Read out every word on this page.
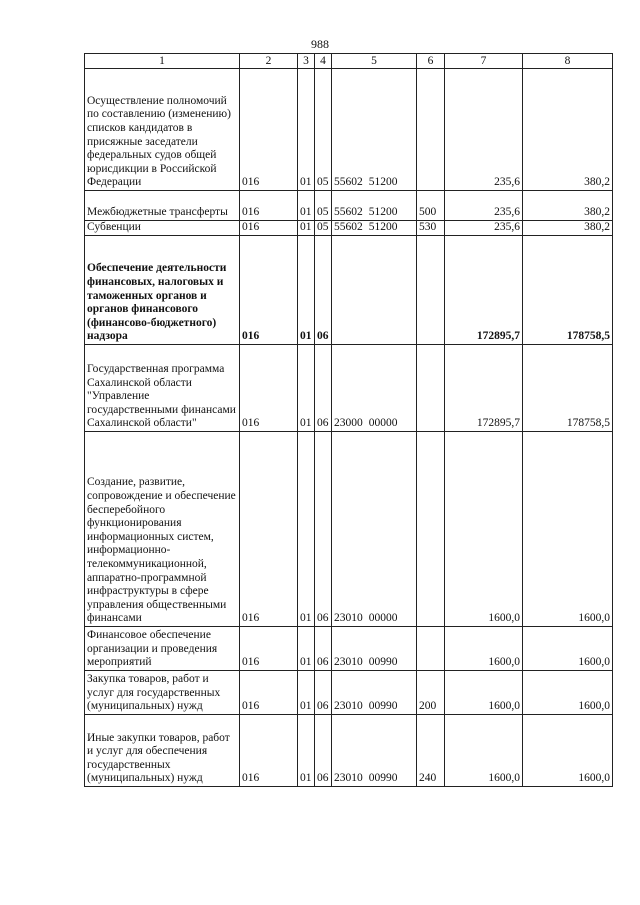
988
1	2	3	4	5	6	7	8
Осуществление полномочий по составлению (изменению) списков кандидатов в присяжные заседатели федеральных судов общей юрисдикции в Российской Федерации	016	01	05	55602 51200		235,6	380,2
Межбюджетные трансферты	016	01	05	55602 51200	500	235,6	380,2
Субвенции	016	01	05	55602 51200	530	235,6	380,2
Обеспечение деятельности финансовых, налоговых и таможенных органов и органов финансового (финансово-бюджетного) надзора	016	01	06			172895,7	178758,5
Государственная программа Сахалинской области "Управление государственными финансами Сахалинской области"	016	01	06	23000 00000		172895,7	178758,5
Создание, развитие, сопровождение и обеспечение бесперебойного функционирования информационных систем, информационно-телекоммуникационной, аппаратно-программной инфраструктуры в сфере управления общественными финансами	016	01	06	23010 00000		1600,0	1600,0
Финансовое обеспечение организации и проведения мероприятий	016	01	06	23010 00990		1600,0	1600,0
Закупка товаров, работ и услуг для государственных (муниципальных) нужд	016	01	06	23010 00990	200	1600,0	1600,0
Иные закупки товаров, работ и услуг для обеспечения государственных (муниципальных) нужд	016	01	06	23010 00990	240	1600,0	1600,0
